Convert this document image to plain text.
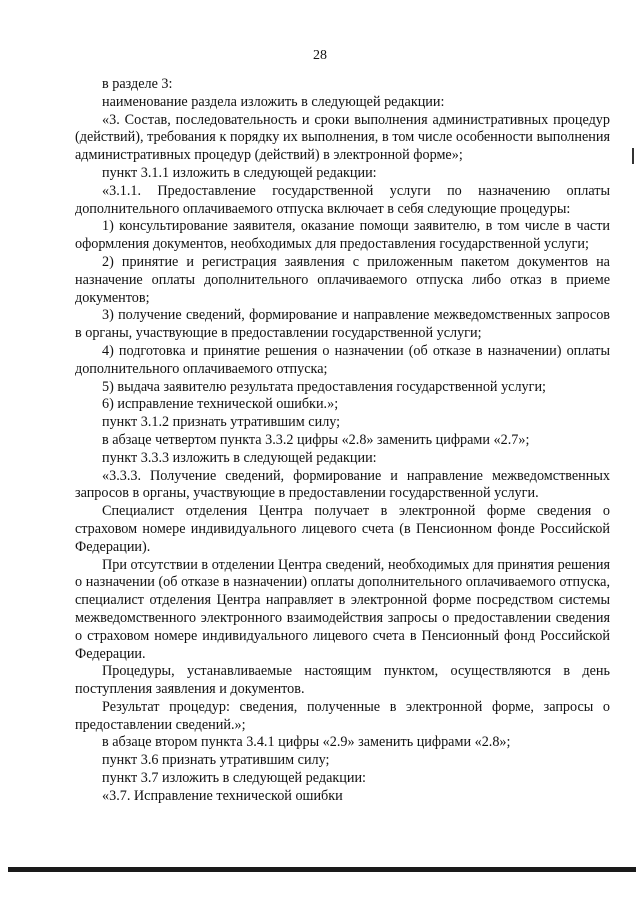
28

в разделе 3:

наименование раздела изложить в следующей редакции:

«3. Состав, последовательность и сроки выполнения административных процедур (действий), требования к порядку их выполнения, в том числе особенности выполнения административных процедур (действий) в электронной форме»;

пункт 3.1.1 изложить в следующей редакции:

«3.1.1. Предоставление государственной услуги по назначению оплаты дополнительного оплачиваемого отпуска включает в себя следующие процедуры:

1) консультирование заявителя, оказание помощи заявителю, в том числе в части оформления документов, необходимых для предоставления государственной услуги;

2) принятие и регистрация заявления с приложенным пакетом документов на назначение оплаты дополнительного оплачиваемого отпуска либо отказ в приеме документов;

3) получение сведений, формирование и направление межведомственных запросов в органы, участвующие в предоставлении государственной услуги;

4) подготовка и принятие решения о назначении (об отказе в назначении) оплаты дополнительного оплачиваемого отпуска;

5) выдача заявителю результата предоставления государственной услуги;

6) исправление технической ошибки.»;

пункт 3.1.2 признать утратившим силу;

в абзаце четвертом пункта 3.3.2 цифры «2.8» заменить цифрами «2.7»;

пункт 3.3.3 изложить в следующей редакции:

«3.3.3. Получение сведений, формирование и направление межведомственных запросов в органы, участвующие в предоставлении государственной услуги.

Специалист отделения Центра получает в электронной форме сведения о страховом номере индивидуального лицевого счета (в Пенсионном фонде Российской Федерации).

При отсутствии в отделении Центра сведений, необходимых для принятия решения о назначении (об отказе в назначении) оплаты дополнительного оплачиваемого отпуска, специалист отделения Центра направляет в электронной форме посредством системы межведомственного электронного взаимодействия запросы о предоставлении сведения о страховом номере индивидуального лицевого счета в Пенсионный фонд Российской Федерации.

Процедуры, устанавливаемые настоящим пунктом, осуществляются в день поступления заявления и документов.

Результат процедур: сведения, полученные в электронной форме, запросы о предоставлении сведений.»;

в абзаце втором пункта 3.4.1 цифры «2.9» заменить цифрами «2.8»;

пункт 3.6 признать утратившим силу;

пункт 3.7 изложить в следующей редакции:

«3.7. Исправление технической ошибки
